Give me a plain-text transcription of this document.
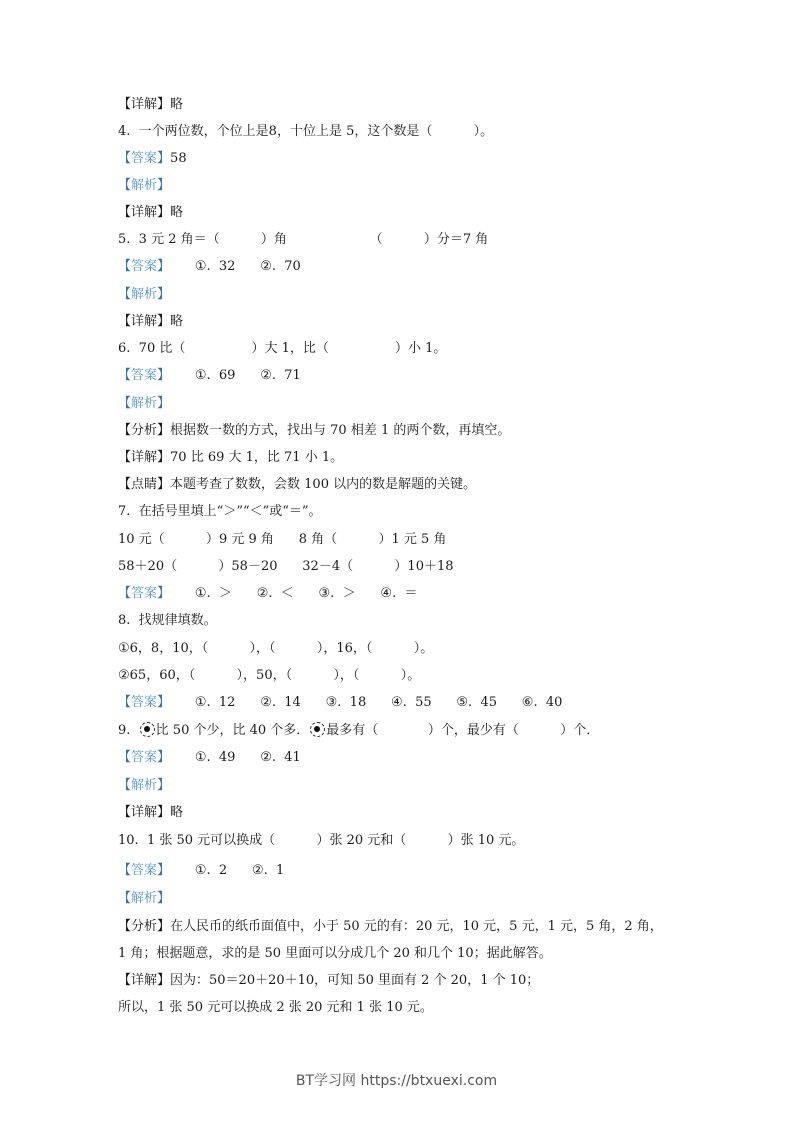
【详解】略
4.  一个两位数，个位上是8，十位上是 5，这个数是（          ）。
【答案】58
【解析】
【详解】略
5.  3 元 2 角＝（          ）角                    （          ）分＝7 角
【答案】      ①.  32      ②.  70
【解析】
【详解】略
6.  70 比（                ）大 1，比（                ）小 1。
【答案】      ①.  69      ②.  71
【解析】
【分析】根据数一数的方式，找出与 70 相差 1 的两个数，再填空。
【详解】70 比 69 大 1，比 71 小 1。
【点睛】本题考查了数数，会数 100 以内的数是解题的关键。
7.  在括号里填上“＞”“＜”或“＝”。
10 元（          ）9 元 9 角      8 角（          ）1 元 5 角
58＋20（          ）58－20      32－4（          ）10＋18
【答案】      ①.  ＞      ②.  ＜      ③.  ＞      ④.  ＝
8.  找规律填数。
①6，8，10，（          ），（          ），16，（          ）。
②65，60，（          ），50，（          ），（          ）。
【答案】      ①.  12      ②.  14      ③.  18      ④.  55      ⑤.  45      ⑥.  40
9.  比 50 个少，比 40 个多． 最多有（            ）个，最少有（          ）个．
【答案】      ①.  49      ②.  41
【解析】
【详解】略
10.  1 张 50 元可以换成（          ）张 20 元和（          ）张 10 元。
【答案】      ①.  2      ②.  1
【解析】
【分析】在人民币的纸币面值中，小于 50 元的有：20 元，10 元，5 元，1 元，5 角，2 角，
1 角；根据题意，求的是 50 里面可以分成几个 20 和几个 10；据此解答。
【详解】因为：50＝20＋20＋10，可知 50 里面有 2 个 20，1 个 10；
所以，1 张 50 元可以换成 2 张 20 元和 1 张 10 元。
BT学习网 https://btxuexi.com
